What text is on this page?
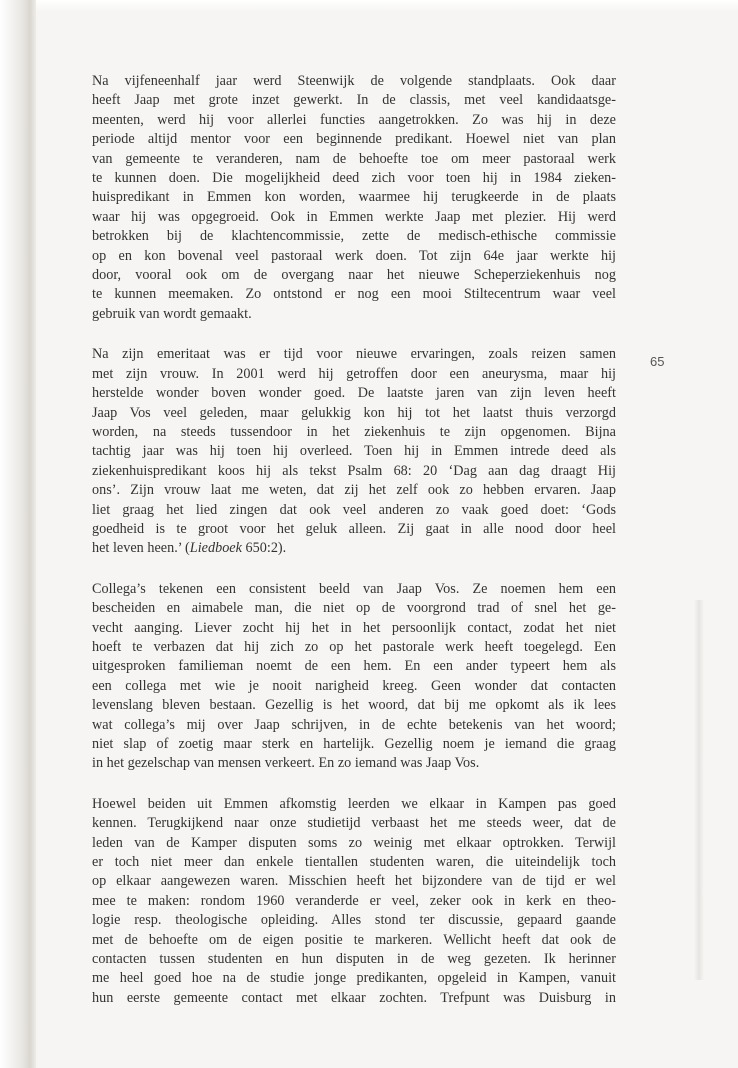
65

Na vijfeneenhalf jaar werd Steenwijk de volgende standplaats. Ook daar
heeft Jaap met grote inzet gewerkt. In de classis, met veel kandidaatsge-
meenten, werd hij voor allerlei functies aangetrokken. Zo was hij in deze
periode altijd mentor voor een beginnende predikant. Hoewel niet van plan
van gemeente te veranderen, nam de behoefte toe om meer pastoraal werk
te kunnen doen. Die mogelijkheid deed zich voor toen hij in 1984 zieken-
huispredikant in Emmen kon worden, waarmee hij terugkeerde in de plaats
waar hij was opgegroeid. Ook in Emmen werkte Jaap met plezier. Hij werd
betrokken bij de klachtencommissie, zette de medisch-ethische commissie
op en kon bovenal veel pastoraal werk doen. Tot zijn 64e jaar werkte hij
door, vooral ook om de overgang naar het nieuwe Scheperziekenhuis nog
te kunnen meemaken. Zo ontstond er nog een mooi Stiltecentrum waar veel
gebruik van wordt gemaakt.

Na zijn emeritaat was er tijd voor nieuwe ervaringen, zoals reizen samen
met zijn vrouw. In 2001 werd hij getroffen door een aneurysma, maar hij
herstelde wonder boven wonder goed. De laatste jaren van zijn leven heeft
Jaap Vos veel geleden, maar gelukkig kon hij tot het laatst thuis verzorgd
worden, na steeds tussendoor in het ziekenhuis te zijn opgenomen. Bijna
tachtig jaar was hij toen hij overleed. Toen hij in Emmen intrede deed als
ziekenhuispredikant koos hij als tekst Psalm 68: 20 ‘Dag aan dag draagt Hij
ons’. Zijn vrouw laat me weten, dat zij het zelf ook zo hebben ervaren. Jaap
liet graag het lied zingen dat ook veel anderen zo vaak goed doet: ‘Gods
goedheid is te groot voor het geluk alleen. Zij gaat in alle nood door heel
het leven heen.’ (Liedboek 650:2).

Collega’s tekenen een consistent beeld van Jaap Vos. Ze noemen hem een
bescheiden en aimabele man, die niet op de voorgrond trad of snel het ge-
vecht aanging. Liever zocht hij het in het persoonlijk contact, zodat het niet
hoeft te verbazen dat hij zich zo op het pastorale werk heeft toegelegd. Een
uitgesproken familieman noemt de een hem. En een ander typeert hem als
een collega met wie je nooit narigheid kreeg. Geen wonder dat contacten
levenslang bleven bestaan. Gezellig is het woord, dat bij me opkomt als ik lees
wat collega’s mij over Jaap schrijven, in de echte betekenis van het woord;
niet slap of zoetig maar sterk en hartelijk. Gezellig noem je iemand die graag
in het gezelschap van mensen verkeert. En zo iemand was Jaap Vos.

Hoewel beiden uit Emmen afkomstig leerden we elkaar in Kampen pas goed
kennen. Terugkijkend naar onze studietijd verbaast het me steeds weer, dat de
leden van de Kamper disputen soms zo weinig met elkaar optrokken. Terwijl
er toch niet meer dan enkele tientallen studenten waren, die uiteindelijk toch
op elkaar aangewezen waren. Misschien heeft het bijzondere van de tijd er wel
mee te maken: rondom 1960 veranderde er veel, zeker ook in kerk en theo-
logie resp. theologische opleiding. Alles stond ter discussie, gepaard gaande
met de behoefte om de eigen positie te markeren. Wellicht heeft dat ook de
contacten tussen studenten en hun disputen in de weg gezeten. Ik herinner
me heel goed hoe na de studie jonge predikanten, opgeleid in Kampen, vanuit
hun eerste gemeente contact met elkaar zochten. Trefpunt was Duisburg in
